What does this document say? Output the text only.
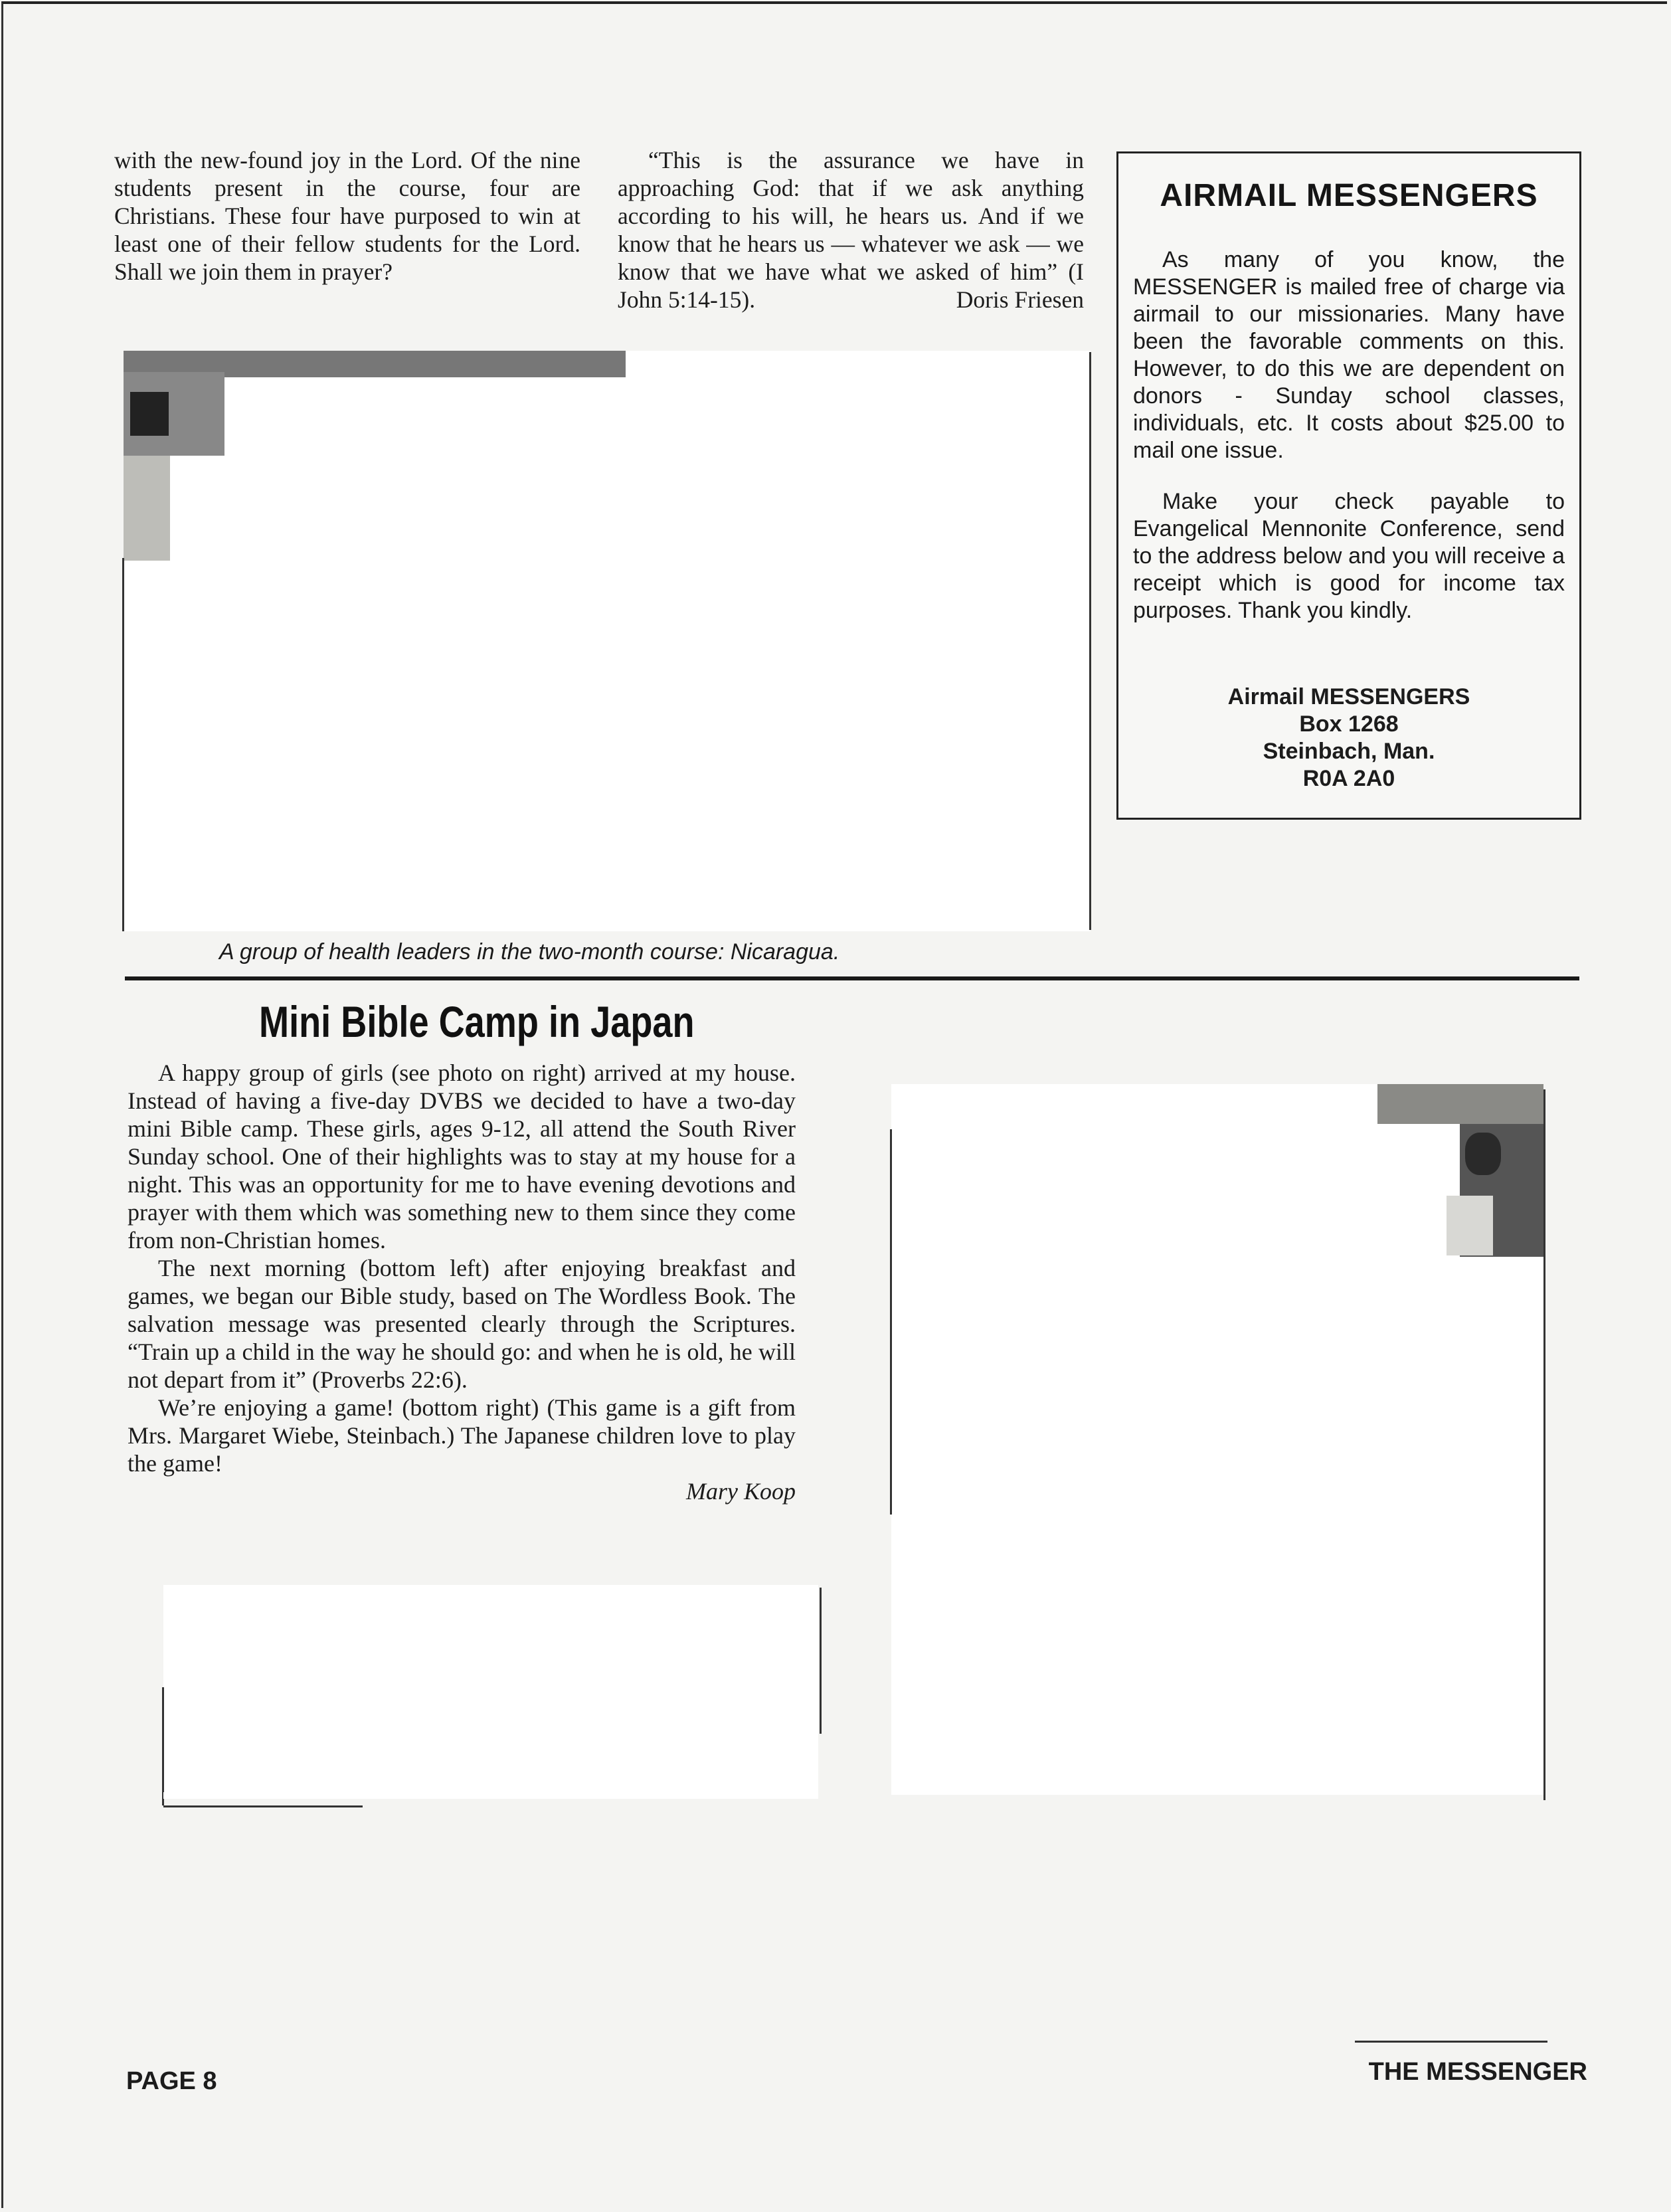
with the new-found joy in the Lord. Of the nine students present in the course, four are Christians. These four have purposed to win at least one of their fellow students for the Lord. Shall we join them in prayer?

“This is the assurance we have in approaching God: that if we ask anything according to his will, he hears us. And if we know that he hears us — whatever we ask — we know that we have what we asked of him” (I John 5:14-15).	Doris Friesen
AIRMAIL MESSENGERS

As many of you know, the MESSENGER is mailed free of charge via airmail to our missionaries. Many have been the favorable comments on this. However, to do this we are dependent on donors - Sunday school classes, individuals, etc. It costs about $25.00 to mail one issue.

Make your check payable to Evangelical Mennonite Conference, send to the address below and you will receive a receipt which is good for income tax purposes. Thank you kindly.

Airmail MESSENGERS
Box 1268
Steinbach, Man.
R0A 2A0
A group of health leaders in the two-month course: Nicaragua.
Mini Bible Camp in Japan

A happy group of girls (see photo on right) arrived at my house. Instead of having a five-day DVBS we decided to have a two-day mini Bible camp. These girls, ages 9-12, all attend the South River Sunday school. One of their highlights was to stay at my house for a night. This was an opportunity for me to have evening devotions and prayer with them which was something new to them since they come from non-Christian homes.

The next morning (bottom left) after enjoying breakfast and games, we began our Bible study, based on The Wordless Book. The salvation message was presented clearly through the Scriptures. “Train up a child in the way he should go: and when he is old, he will not depart from it” (Proverbs 22:6).

We’re enjoying a game! (bottom right) (This game is a gift from Mrs. Margaret Wiebe, Steinbach.) The Japanese children love to play the game!

Mary Koop

PAGE 8	THE MESSENGER
